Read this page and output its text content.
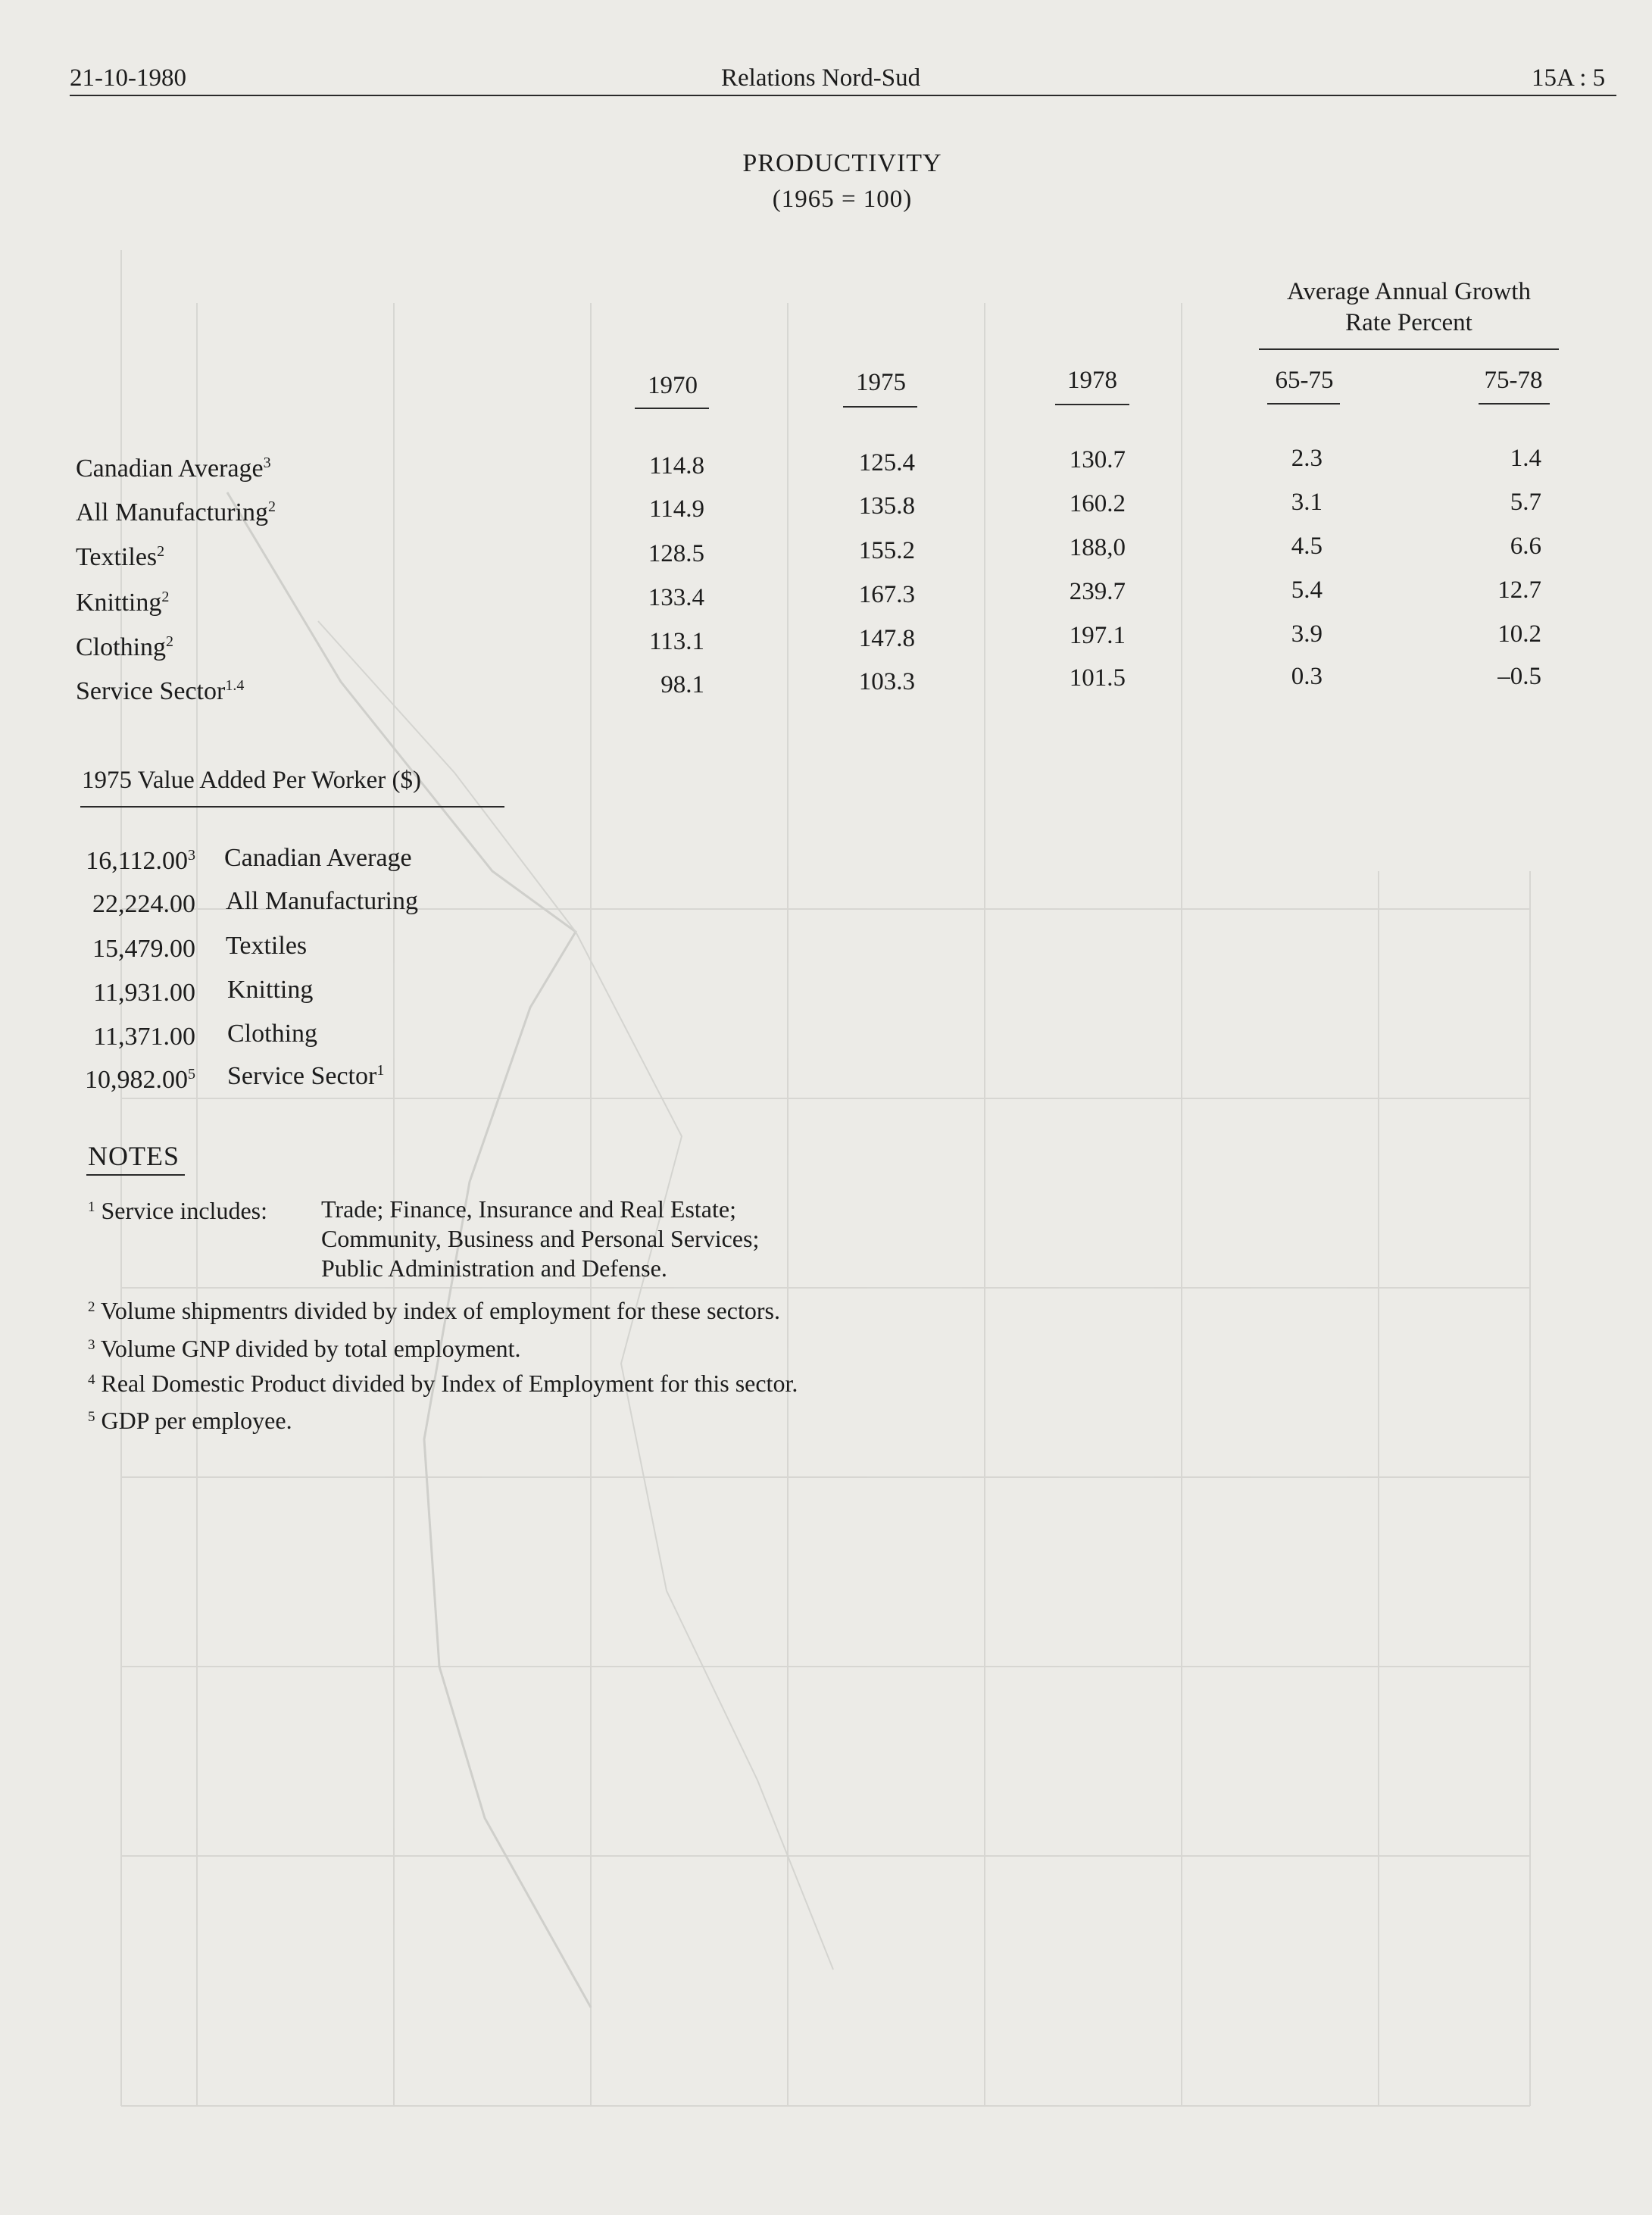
21-10-1980	Relations Nord-Sud	15A : 5
PRODUCTIVITY
(1965 = 100)
Average Annual Growth
Rate Percent
1970	1975	1978	65-75	75-78
Canadian Average$^3$	114.8	125.4	130.7	2.3	1.4
All Manufacturing$^2$	114.9	135.8	160.2	3.1	5.7
Textiles$^2$	128.5	155.2	188,0	4.5	6.6
Knitting$^2$	133.4	167.3	239.7	5.4	12.7
Clothing$^2$	113.1	147.8	197.1	3.9	10.2
Service Sector$^{1.4}$	98.1	103.3	101.5	0.3	–0.5
1975 Value Added Per Worker ($)
16,112.00$^3$ Canadian Average
22,224.00 All Manufacturing
15,479.00 Textiles
11,931.00 Knitting
11,371.00 Clothing
10,982.00$^5$ Service Sector$^1$
NOTES
$^1$ Service includes: Trade; Finance, Insurance and Real Estate;
Community, Business and Personal Services;
Public Administration and Defense.
$^2$ Volume shipmentrs divided by index of employment for these sectors.
$^3$ Volume GNP divided by total employment.
$^4$ Real Domestic Product divided by Index of Employment for this sector.
$^5$ GDP per employee.
